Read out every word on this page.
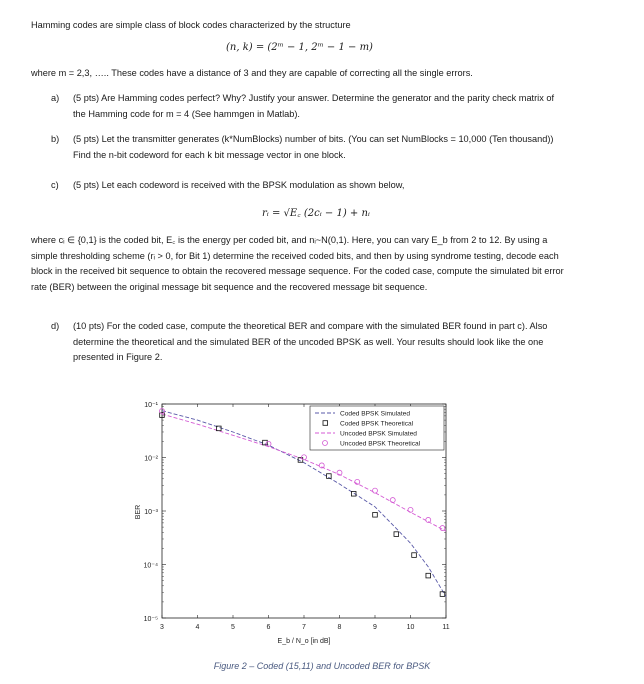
Hamming codes are simple class of block codes characterized by the structure
(n, k) = (2ᵐ − 1, 2ᵐ − 1 − m)
where m = 2,3, ….. These codes have a distance of 3 and they are capable of correcting all the single errors.
a) (5 pts) Are Hamming codes perfect? Why? Justify your answer. Determine the generator and the parity check matrix of the Hamming code for m = 4 (See hammgen in Matlab).
b) (5 pts) Let the transmitter generates (k*NumBlocks) number of bits. (You can set NumBlocks = 10,000 (Ten thousand)) Find the n-bit codeword for each k bit message vector in one block.
c) (5 pts) Let each codeword is received with the BPSK modulation as shown below,
rᵢ = √E꜀ (2cᵢ − 1) + nᵢ
where cᵢ ∈ {0,1} is the coded bit, E꜀ is the energy per coded bit, and nᵢ~N(0,1). Here, you can vary E_b from 2 to 12. By using a simple thresholding scheme (rᵢ > 0, for Bit 1) determine the received coded bits, and then by using syndrome testing, decode each block in the received bit sequence to obtain the recovered message sequence. For the coded case, compute the simulated bit error rate (BER) between the original message bit sequence and the recovered message bit sequence.
d) (10 pts) For the coded case, compute the theoretical BER and compare with the simulated BER found in part c). Also determine the theoretical and the simulated BER of the uncoded BPSK as well. Your results should look like the one presented in Figure 2.
3	4	5	6	7	8	9	10	11
10⁻¹
10⁻²
10⁻³
10⁻⁴
10⁻⁵
Coded BPSK Simulated
Coded BPSK Theoretical
Uncoded BPSK Simulated
Uncoded BPSK Theoretical
E_b / N_o [in dB]
BER
Figure 2 – Coded (15,11) and Uncoded BER for BPSK
